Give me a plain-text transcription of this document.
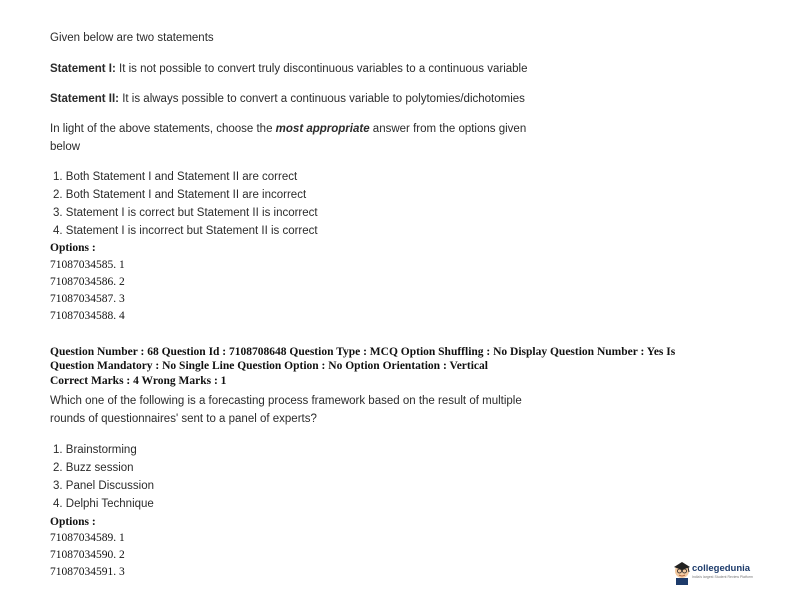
Given below are two statements
Statement I: It is not possible to convert truly discontinuous variables to a continuous variable
Statement II: It is always possible to convert a continuous variable to polytomies/dichotomies
In light of the above statements, choose the most appropriate answer from the options given
below
1. Both Statement I and Statement II are correct
2. Both Statement I and Statement II are incorrect
3. Statement I is correct but Statement II is incorrect
4. Statement I is incorrect but Statement II is correct
Options :
71087034585. 1
71087034586. 2
71087034587. 3
71087034588. 4
Question Number : 68 Question Id : 7108708648 Question Type : MCQ Option Shuffling : No Display Question Number : Yes Is
Question Mandatory : No Single Line Question Option : No Option Orientation : Vertical
Correct Marks : 4 Wrong Marks : 1
Which one of the following is a forecasting process framework based on the result of multiple
rounds of questionnaires' sent to a panel of experts?
1. Brainstorming
2. Buzz session
3. Panel Discussion
4. Delphi Technique
Options :
71087034589. 1
71087034590. 2
71087034591. 3	collegedunia
India's largest Student Review Platform
